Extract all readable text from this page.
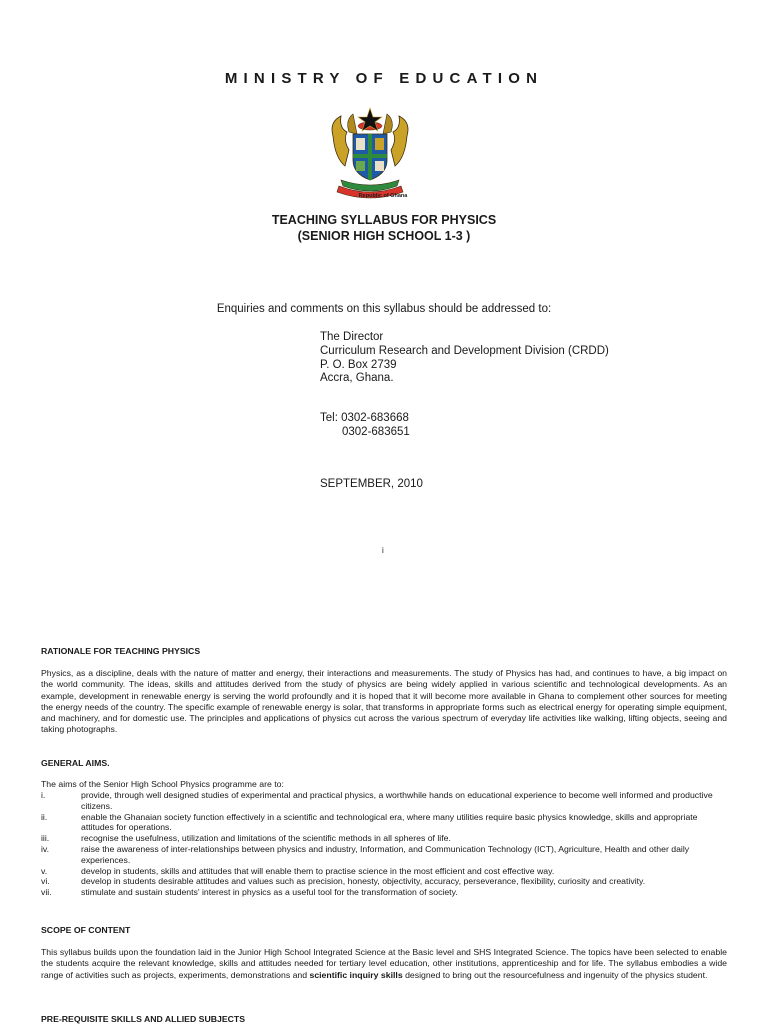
MINISTRY OF EDUCATION
Republic of Ghana
TEACHING SYLLABUS FOR PHYSICS
(SENIOR HIGH SCHOOL 1-3 )
Enquiries and comments on this syllabus should be addressed to:
The Director
Curriculum Research and Development Division (CRDD)
P. O. Box 2739
Accra, Ghana.
Tel: 0302-683668
0302-683651
SEPTEMBER, 2010
i
RATIONALE FOR TEACHING PHYSICS
Physics, as a discipline, deals with the nature of matter and energy, their interactions and measurements. The study of Physics has had, and continues to have, a big impact on the world community. The ideas, skills and attitudes derived from the study of physics are being widely applied in various scientific and technological developments. As an example, development in renewable energy is serving the world profoundly and it is hoped that it will become more available in Ghana to complement other sources for meeting the energy needs of the country. The specific example of renewable energy is solar, that transforms in appropriate forms such as electrical energy for operating simple equipment, and machinery, and for domestic use. The principles and applications of physics cut across the various spectrum of everyday life activities like walking, lifting objects, seeing and taking photographs.
GENERAL AIMS.
The aims of the Senior High School Physics programme are to:
i.	provide, through well designed studies of experimental and practical physics, a worthwhile hands on educational experience to become well informed and productive citizens.
ii.	enable the Ghanaian society function effectively in a scientific and technological era, where many utilities require basic physics knowledge, skills and appropriate attitudes for operations.
iii.	recognise the usefulness, utilization and limitations of the scientific methods in all spheres of life.
iv.	raise the awareness of inter-relationships between physics and industry, Information, and Communication Technology (ICT), Agriculture, Health and other daily experiences.
v.	develop in students, skills and attitudes that will enable them to practise science in the most efficient and cost effective way.
vi.	develop in students desirable attitudes and values such as precision, honesty, objectivity, accuracy, perseverance, flexibility, curiosity and creativity.
vii.	stimulate and sustain students' interest in physics as a useful tool for the transformation of society.
SCOPE OF CONTENT
This syllabus builds upon the foundation laid in the Junior High School Integrated Science at the Basic level and SHS Integrated Science. The topics have been selected to enable the students acquire the relevant knowledge, skills and attitudes needed for tertiary level education, other institutions, apprenticeship and for life. The syllabus embodies a wide range of activities such as projects, experiments, demonstrations and scientific inquiry skills designed to bring out the resourcefulness and ingenuity of the physics student.
PRE-REQUISITE SKILLS AND ALLIED SUBJECTS
